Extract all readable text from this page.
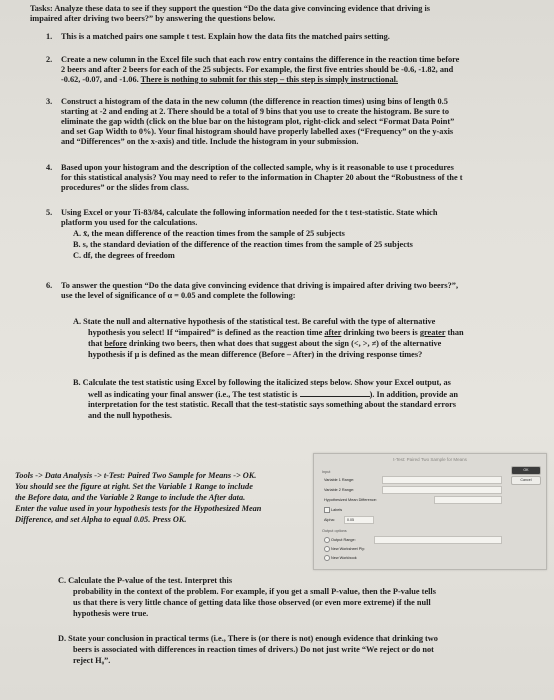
Tasks: Analyze these data to see if they support the question “Do the data give convincing evidence that driving is
impaired after driving two beers?” by answering the questions below.
1. This is a matched pairs one sample t test. Explain how the data fits the matched pairs setting.
2. Create a new column in the Excel file such that each row entry contains the difference in the reaction time before
2 beers and after 2 beers for each of the 25 subjects. For example, the first five entries should be -0.6, -1.82, and
-0.62, -0.07, and -1.06. There is nothing to submit for this step – this step is simply instructional.
3. Construct a histogram of the data in the new column (the difference in reaction times) using bins of length 0.5
starting at -2 and ending at 2. There should be a total of 9 bins that you use to create the histogram. Be sure to
eliminate the gap width (click on the blue bar on the histogram plot, right-click and select “Format Data Point”
and set Gap Width to 0%). Your final histogram should have properly labelled axes (“Frequency” on the y-axis
and “Differences” on the x-axis) and title. Include the histogram in your submission.
4. Based upon your histogram and the description of the collected sample, why is it reasonable to use t procedures
for this statistical analysis? You may need to refer to the information in Chapter 20 about the “Robustness of the t
procedures” or the slides from class.
5. Using Excel or your Ti-83/84, calculate the following information needed for the t test-statistic. State which
platform you used for the calculations.
A. x̄, the mean difference of the reaction times from the sample of 25 subjects
B. s, the standard deviation of the difference of the reaction times from the sample of 25 subjects
C. df, the degrees of freedom
6. To answer the question “Do the data give convincing evidence that driving is impaired after driving two beers?”,
use the level of significance of α = 0.05 and complete the following:
A. State the null and alternative hypothesis of the statistical test. Be careful with the type of alternative
hypothesis you select! If “impaired” is defined as the reaction time after drinking two beers is greater than
that before drinking two beers, then what does that suggest about the sign (<, >, ≠) of the alternative
hypothesis if μ is defined as the mean difference (Before – After) in the driving response times?
B. Calculate the test statistic using Excel by following the italicized steps below. Show your Excel output, as
well as indicating your final answer (i.e., The test statistic is	). In addition, provide an
interpretation for the test statistic. Recall that the test-statistic says something about the standard errors
and the null hypothesis.
Tools -> Data Analysis -> t-Test: Paired Two Sample for Means -> OK.
You should see the figure at right. Set the Variable 1 Range to include
the Before data, and the Variable 2 Range to include the After data.
Enter the value used in your hypothesis tests for the Hypothesized Mean
Difference, and set Alpha to equal 0.05. Press OK.
t-Test: Paired Two Sample for Means
Input
Variable 1 Range:
Variable 2 Range:
Hypothesized Mean Difference:
Labels
Alpha:	0.05
Output options
Output Range:
New Worksheet Ply:
New Workbook
OK
Cancel
C. Calculate the P-value of the test. Interpret this
probability in the context of the problem. For example, if you get a small P-value, then the P-value tells
us that there is very little chance of getting data like those observed (or even more extreme) if the null
hypothesis were true.
D. State your conclusion in practical terms (i.e., There is (or there is not) enough evidence that drinking two
beers is associated with differences in reaction times of drivers.) Do not just write “We reject or do not
reject H₀”.
